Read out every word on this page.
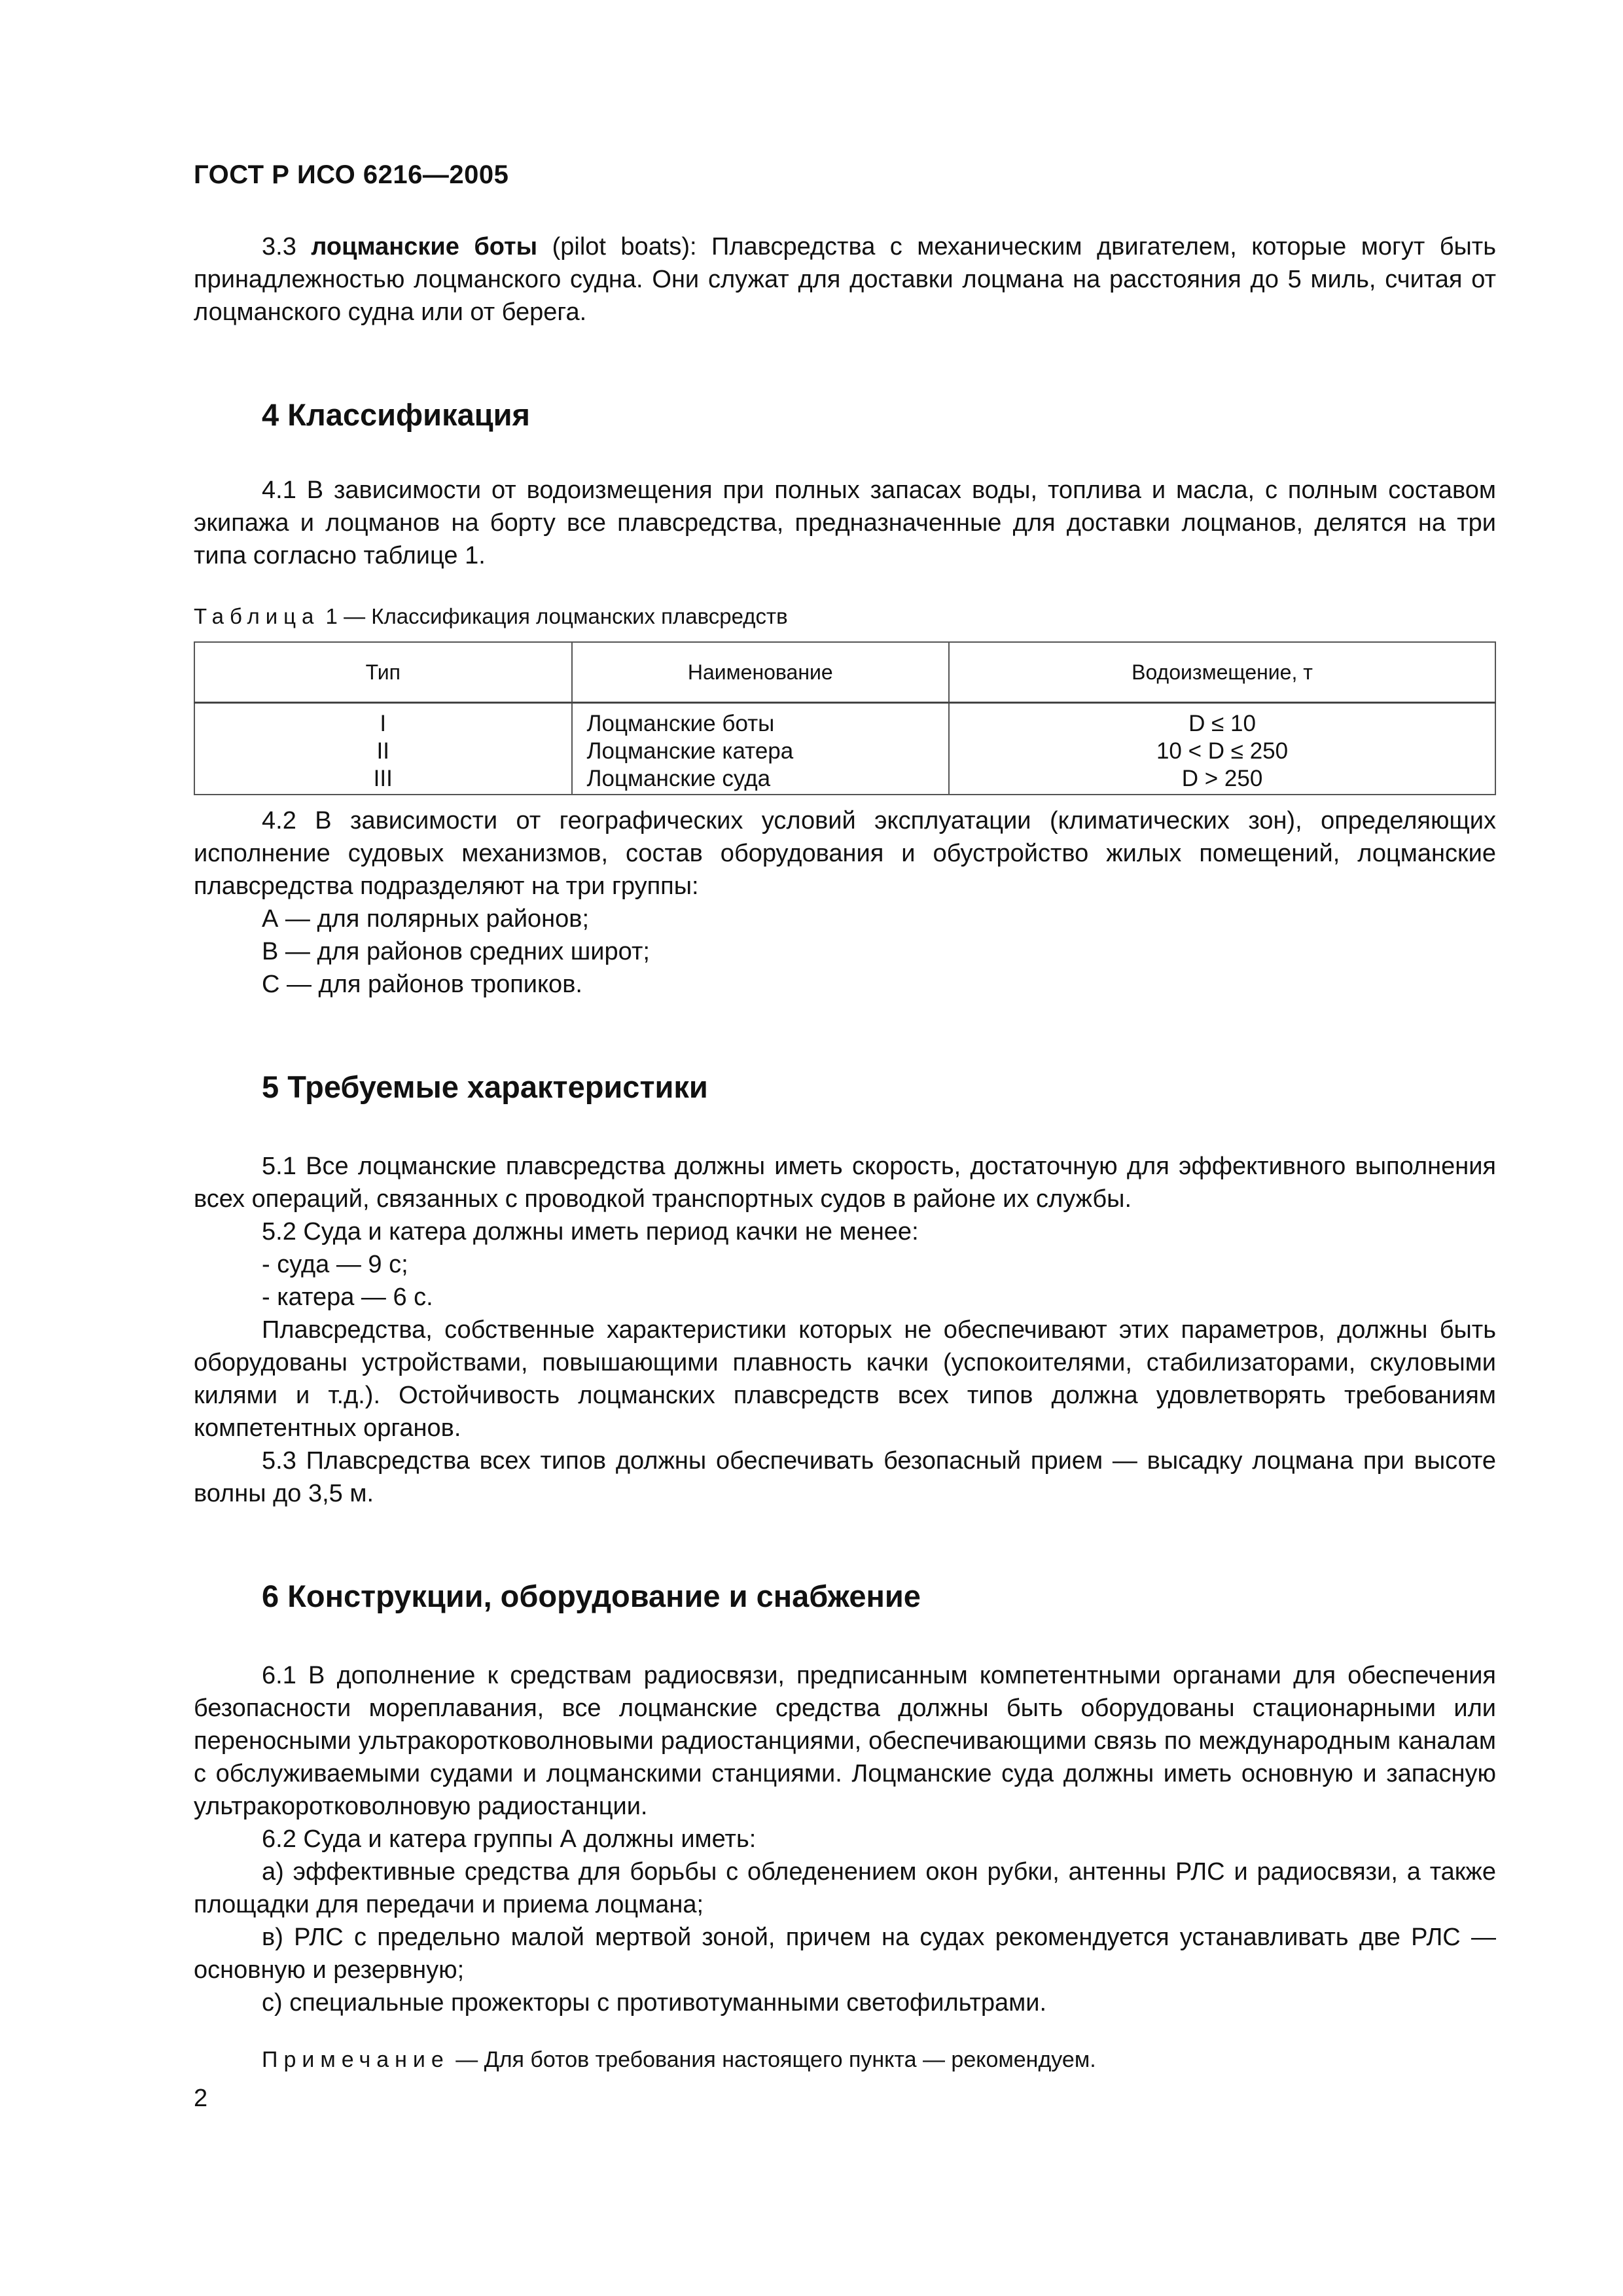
ГОСТ Р ИСО 6216—2005

3.3 лоцманские боты (pilot boats): Плавсредства с механическим двигателем, которые могут быть принадлежностью лоцманского судна. Они служат для доставки лоцмана на расстояния до 5 миль, считая от лоцманского судна или от берега.

4 Классификация

4.1 В зависимости от водоизмещения при полных запасах воды, топлива и масла, с полным составом экипажа и лоцманов на борту все плавсредства, предназначенные для доставки лоцманов, делятся на три типа согласно таблице 1.

Таблица 1 — Классификация лоцманских плавсредств

Тип	Наименование	Водоизмещение, т
I	Лоцманские боты	D ≤ 10
II	Лоцманские катера	10 < D ≤ 250
III	Лоцманские суда	D > 250

4.2 В зависимости от географических условий эксплуатации (климатических зон), определяющих исполнение судовых механизмов, состав оборудования и обустройство жилых помещений, лоцманские плавсредства подразделяют на три группы:

А — для полярных районов;

В — для районов средних широт;

С — для районов тропиков.

5 Требуемые характеристики

5.1 Все лоцманские плавсредства должны иметь скорость, достаточную для эффективного выполнения всех операций, связанных с проводкой транспортных судов в районе их службы.

5.2 Суда и катера должны иметь период качки не менее:

- суда — 9 с;

- катера — 6 с.

Плавсредства, собственные характеристики которых не обеспечивают этих параметров, должны быть оборудованы устройствами, повышающими плавность качки (успокоителями, стабилизаторами, скуловыми килями и т.д.). Остойчивость лоцманских плавсредств всех типов должна удовлетворять требованиям компетентных органов.

5.3 Плавсредства всех типов должны обеспечивать безопасный прием — высадку лоцмана при высоте волны до 3,5 м.

6 Конструкции, оборудование и снабжение

6.1 В дополнение к средствам радиосвязи, предписанным компетентными органами для обеспечения безопасности мореплавания, все лоцманские средства должны быть оборудованы стационарными или переносными ультракоротковолновыми радиостанциями, обеспечивающими связь по международным каналам с обслуживаемыми судами и лоцманскими станциями. Лоцманские суда должны иметь основную и запасную ультракоротковолновую радиостанции.

6.2 Суда и катера группы А должны иметь:

а) эффективные средства для борьбы с обледенением окон рубки, антенны РЛС и радиосвязи, а также площадки для передачи и приема лоцмана;

в) РЛС с предельно малой мертвой зоной, причем на судах рекомендуется устанавливать две РЛС — основную и резервную;

с) специальные прожекторы с противотуманными светофильтрами.

Примечание — Для ботов требования настоящего пункта — рекомендуем.

2
